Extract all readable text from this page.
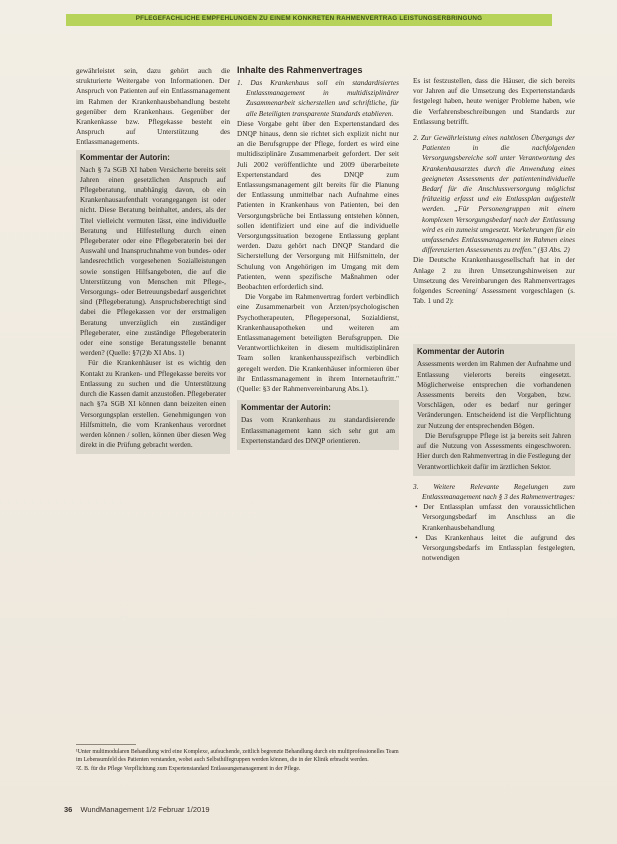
PFLEGEFACHLICHE EMPFEHLUNGEN ZU EINEM KONKRETEN RAHMENVERTRAG LEISTUNGSERBRINGUNG

gewährleistet sein, dazu gehört auch die strukturierte Weitergabe von Informationen. Der Anspruch von Patienten auf ein Entlassmanagement im Rahmen der Krankenhausbehandlung besteht gegenüber dem Krankenhaus. Gegenüber der Krankenkasse bzw. Pflegekasse besteht ein Anspruch auf Unterstützung des Entlassmanagements.

Kommentar der Autorin:

Nach § 7a SGB XI haben Versicherte bereits seit Jahren einen gesetzlichen Anspruch auf Pflegeberatung, unabhängig davon, ob ein Krankenhausaufenthalt vorangegangen ist oder nicht. Diese Beratung beinhaltet, anders, als der Titel vielleicht vermuten lässt, eine individuelle Beratung und Hilfestellung durch einen Pflegeberater oder eine Pflegeberaterin bei der Auswahl und Inanspruchnahme von bundes- oder landesrechtlich vorgesehenen Sozialleistungen sowie sonstigen Hilfsangeboten, die auf die Unterstützung von Menschen mit Pflege-, Versorgungs- oder Betreuungsbedarf ausgerichtet sind (Pflegeberatung). Anspruchsberechtigt sind dabei die Pflegekassen vor der erstmaligen Beratung unverzüglich ein zuständiger Pflegeberater, eine zuständige Pflegeberaterin oder eine sonstige Beratungsstelle benannt werden? (Quelle: §7(2)b XI Abs. 1)

Für die Krankenhäuser ist es wichtig den Kontakt zu Kranken- und Pflegekasse bereits vor Entlassung zu suchen und die Unterstützung durch die Kassen damit anzustoßen. Pflegeberater nach §7a SGB XI können dann beizeiten einen Versorgungsplan erstellen. Genehmigungen von Hilfsmitteln, die vom Krankenhaus verordnet werden können / sollen, können über diesen Weg direkt in die Prüfung gebracht werden.

Inhalte des Rahmenvertrages

1. Das Krankenhaus soll ein standardisiertes Entlassmanagement in multidisziplinärer Zusammenarbeit sicherstellen und schriftliche, für alle Beteiligten transparente Standards etablieren.

Diese Vorgabe geht über den Expertenstandard des DNQP hinaus, denn sie richtet sich explizit nicht nur an die Berufsgruppe der Pflege, fordert es wird eine multidisziplinäre Zusammenarbeit gefordert. Der seit Juli 2002 veröffentlichte und 2009 überarbeitete Expertenstandard des DNQP zum Entlassungsmanagement gilt bereits für die Planung der Entlassung unmittelbar nach Aufnahme eines Patienten in Krankenhaus von Patienten, bei den Versorgungsbrüche bei Entlassung entstehen können, sollen identifiziert und eine auf die individuelle Versorgungssituation bezogene Entlassung geplant werden. Dazu gehört nach DNQP Standard die Sicherstellung der Versorgung mit Hilfsmitteln, der Schulung von Angehörigen im Umgang mit dem Patienten, wenn spezifische Maßnahmen oder Beobachten erforderlich sind.

Die Vorgabe im Rahmenvertrag fordert verbindlich eine Zusammenarbeit von Ärzten/psychologischen Psychotherapeuten, Pflegepersonal, Sozialdienst, Krankenhausapotheken und weiteren am Entlassmanagement beteiligten Berufsgruppen. Die Verantwortlichkeiten in diesem multidisziplinären Team sollen krankenhausspezifisch verbindlich geregelt werden. Die Krankenhäuser informieren über ihr Entlassmanagement in ihrem Internetauftritt." (Quelle: §3 der Rahmenvereinbarung Abs.1).

Kommentar der Autorin:

Das vom Krankenhaus zu standardisierende Entlassmanagement kann sich sehr gut am Expertenstandard des DNQP orientieren.

Es ist festzustellen, dass die Häuser, die sich bereits vor Jahren auf die Umsetzung des Expertenstandards festgelegt haben, heute weniger Probleme haben, wie die Verfahrensbeschreibungen und Standards zur Entlassung betrifft.

2. Zur Gewährleistung eines nahtlosen Übergangs der Patienten in die nachfolgenden Versorgungsbereiche soll unter Verantwortung des Krankenhausarztes durch die Anwendung eines geeigneten Assessments der patientenindividuelle Bedarf für die Anschlussversorgung möglichst frühzeitig erfasst und ein Entlassplan aufgestellt werden. „Für Personengruppen mit einem komplexen Versorgungsbedarf nach der Entlassung wird es ein zumeist umgesetzt. Vorkehrungen für ein umfassendes Entlassmanagement im Rahmen eines differenzierten Assessments zu treffen." (§3 Abs. 2)

Die Deutsche Krankenhausgesellschaft hat in der Anlage 2 zu ihren Umsetzungshinweisen zur Umsetzung des Vereinbarungen des Rahmenvertrages folgendes Screening/ Assessment vorgeschlagen (s. Tab. 1 und 2):

Kommentar der Autorin

Assessments werden im Rahmen der Aufnahme und Entlassung vielerorts bereits eingesetzt. Möglicherweise entsprechen die vorhandenen Assessments bereits den Vorgaben, bzw. Vorschlägen, oder es bedarf nur geringer Veränderungen. Entscheidend ist die Verpflichtung zur Nutzung der entsprechenden Bögen.

Die Berufsgruppe Pflege ist ja bereits seit Jahren auf die Nutzung von Assessments eingeschworen. Hier durch den Rahmenvertrag in die Festlegung der Verantwortlichkeit dafür im ärztlichen Sektor.

3. Weitere Relevante Regelungen zum Entlassmanagement nach § 3 des Rahmenvertrages:

• Der Entlassplan umfasst den voraussichtlichen Versorgungsbedarf im Anschluss an die Krankenhausbehandlung

• Das Krankenhaus leitet die aufgrund des Versorgungsbedarfs im Entlassplan festgelegten, notwendigen

¹Unter multimodularen Behandlung wird eine Komplexe, aufsuchende, zeitlich begrenzte Behandlung durch ein multiprofessionelles Team im Lebensumfeld des Patienten verstanden, wobei auch Selbsthilfegruppen werden können, die in der Klinik erbracht werden.
²Z. B. für die Pflege Verpflichtung zum Expertenstandard Entlassungsmanagement in der Pflege.
36 WundManagement 1/2 Februar 1/2019
